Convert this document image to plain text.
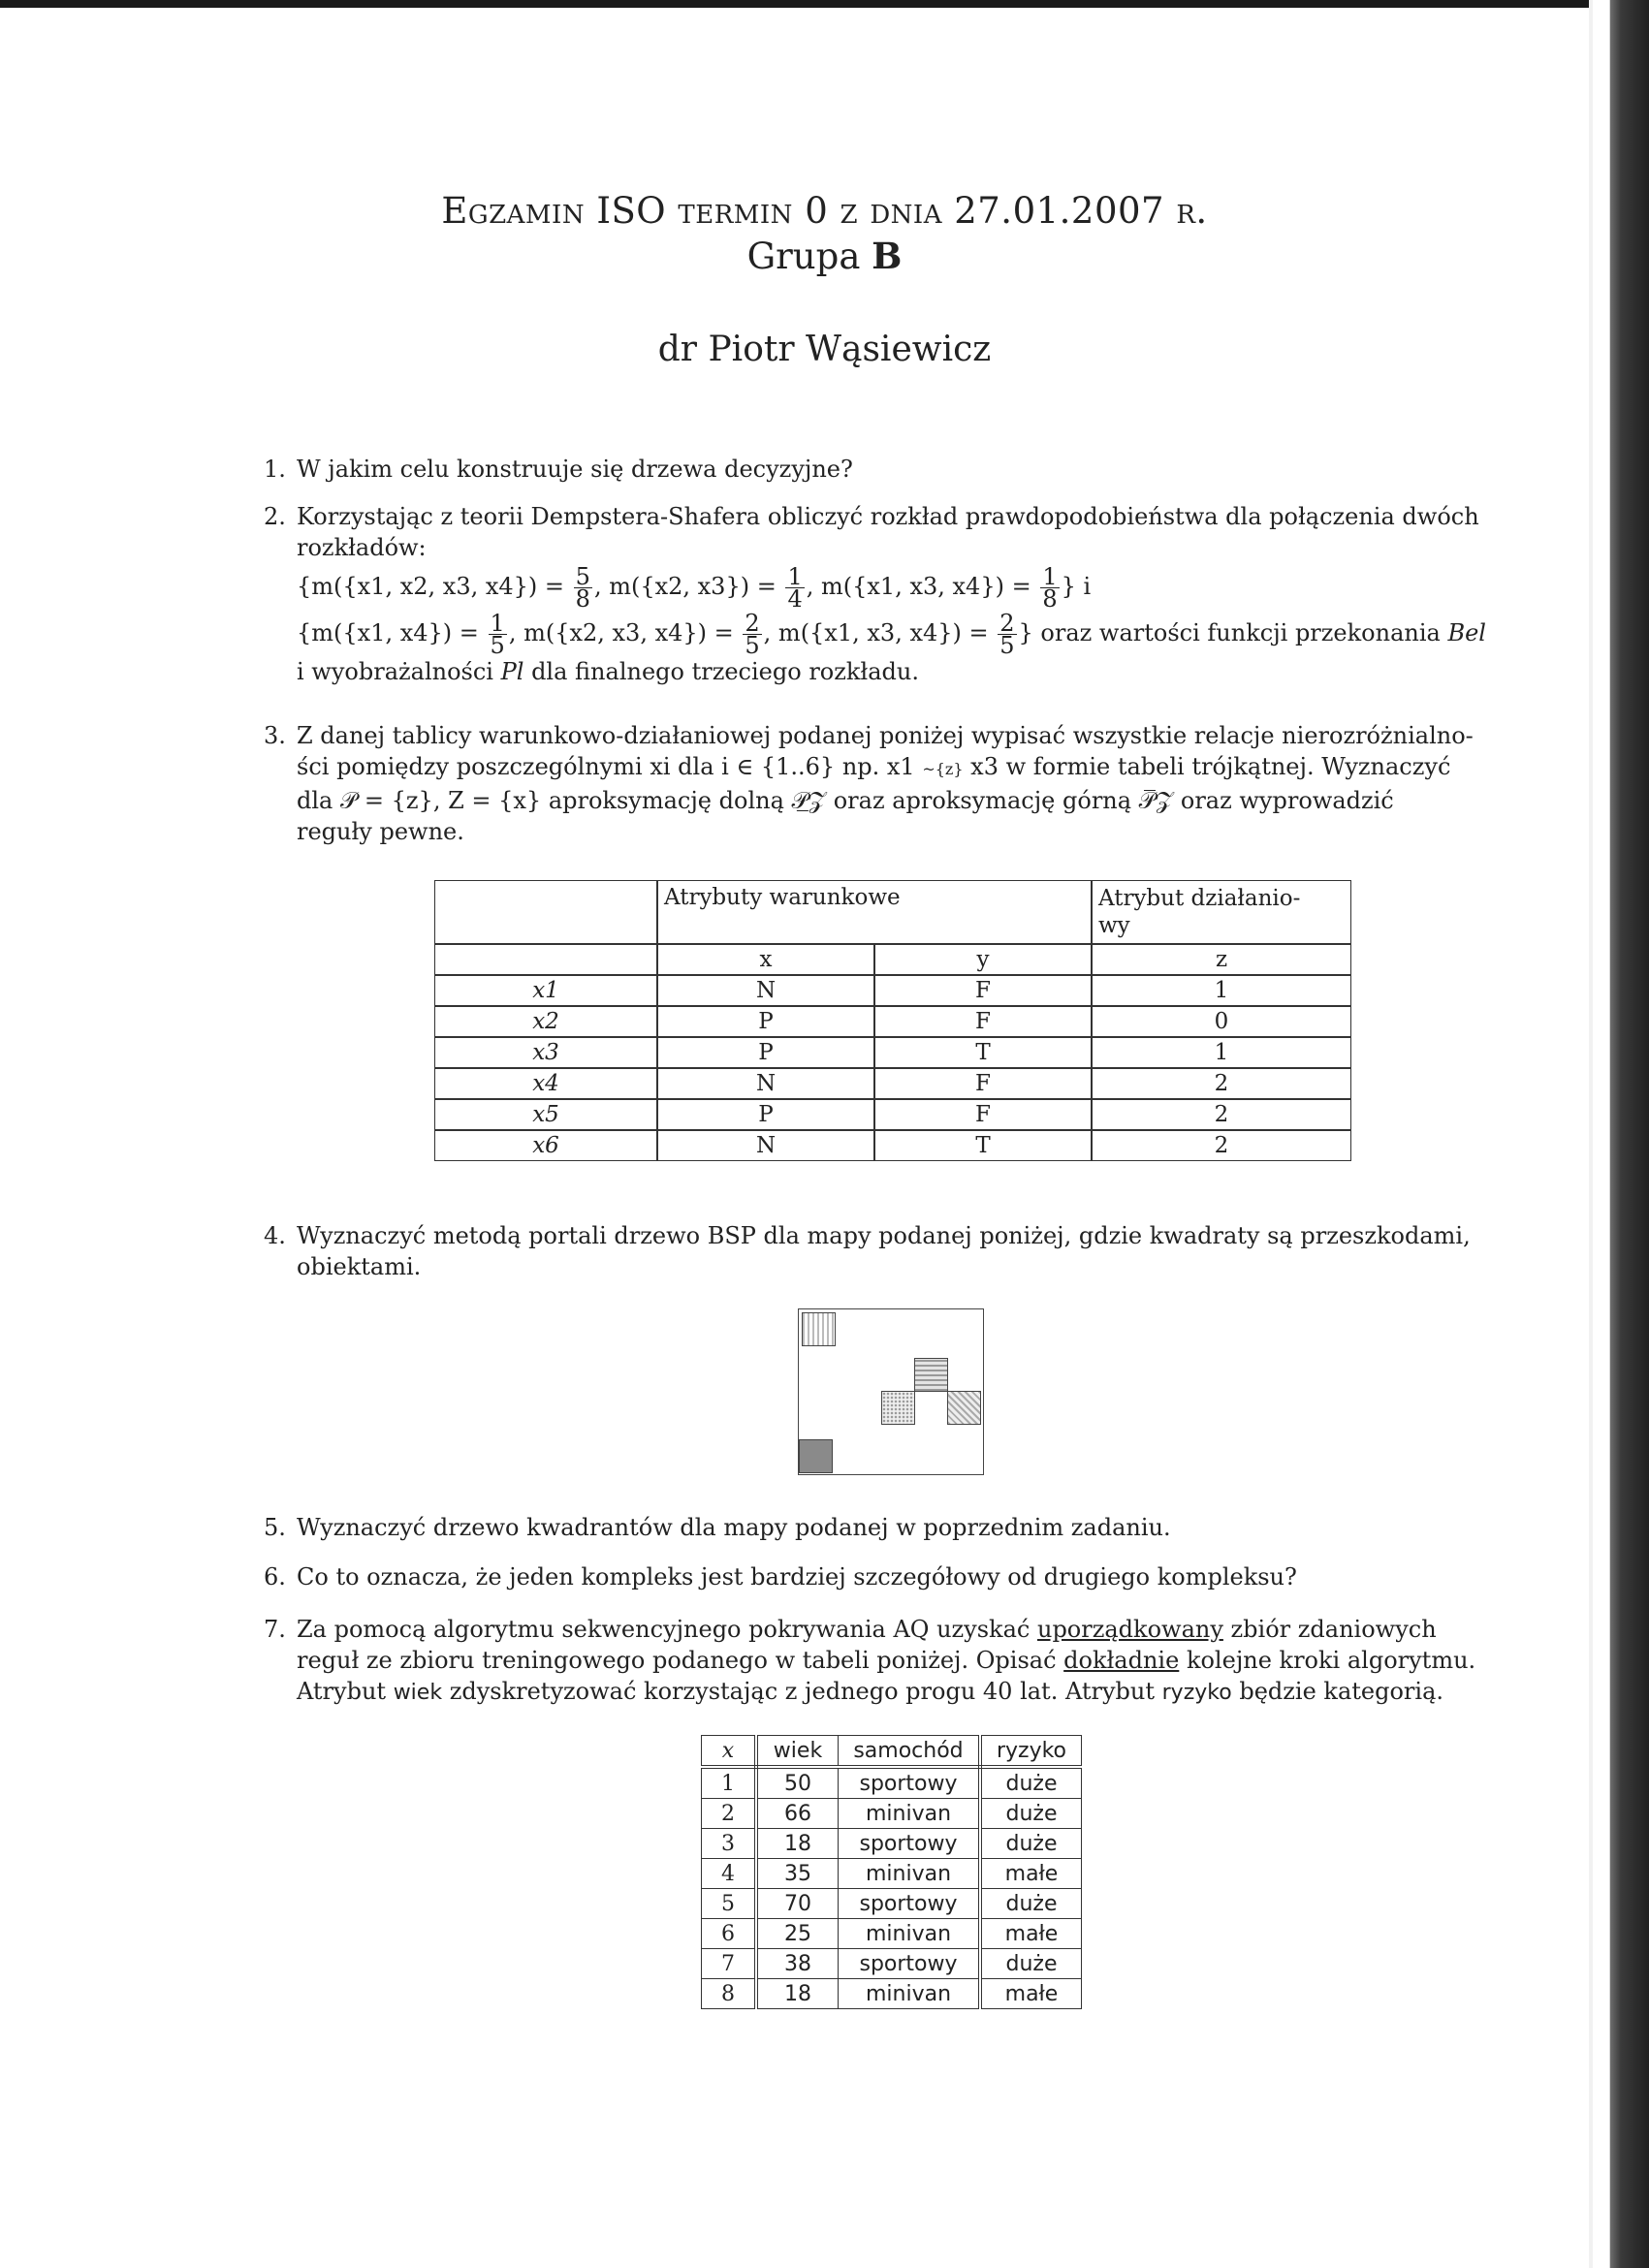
Egzamin ISO termin 0 z dnia 27.01.2007 r.
Grupa B
dr Piotr Wąsiewicz
1. W jakim celu konstruuje się drzewa decyzyjne?
2. Korzystając z teorii Dempstera-Shafera obliczyć rozkład prawdopodobieństwa dla połączenia dwóch
rozkładów:
{m({x1, x2, x3, $x4\}) = \frac{5}{8}$ , m({x2, $x3\}) = \frac{1}{4}$ , m({x1, x3, $x4\}) = \frac{1}{8}$ } i
{m({x1, $x4\}) = \frac{1}{5}$ , m({x2, x3, $x4\}) = \frac{2}{5}$ , m({x1, x3, $x4\}) = \frac{2}{5}$ } oraz wartości funkcji przekonania Bel
i wyobrażalności Pl dla finalnego trzeciego rozkładu.
3. Z danej tablicy warunkowo-działaniowej podanej poniżej wypisać wszystkie relacje nierozróżnialno-
ści pomiędzy poszczególnymi xi dla i ∈ {1..6} np. x1 ~{z} x3 w formie tabeli trójkątnej. Wyznaczyć
dla 𝒫 = {z}, Z = {x} aproksymację dolną 𝒫̲𝒵 oraz aproksymację górną 𝒫̅𝒵 oraz wyprowadzić
reguły pewne.
	Atrybuty warunkowe		Atrybut działanio-
wy
	x	y	z
x1	N	F	1
x2	P	F	0
x3	P	T	1
x4	N	F	2
x5	P	F	2
x6	N	T	2
4. Wyznaczyć metodą portali drzewo BSP dla mapy podanej poniżej, gdzie kwadraty są przeszkodami,
obiektami.
5. Wyznaczyć drzewo kwadrantów dla mapy podanej w poprzednim zadaniu.
6. Co to oznacza, że jeden kompleks jest bardziej szczegółowy od drugiego kompleksu?
7. Za pomocą algorytmu sekwencyjnego pokrywania AQ uzyskać uporządkowany zbiór zdaniowych
reguł ze zbioru treningowego podanego w tabeli poniżej. Opisać dokładnie kolejne kroki algorytmu.
Atrybut wiek zdyskretyzować korzystając z jednego progu 40 lat. Atrybut ryzyko będzie kategorią.
x	wiek	samochód	ryzyko
1	50	sportowy	duże
2	66	minivan	duże
3	18	sportowy	duże
4	35	minivan	małe
5	70	sportowy	duże
6	25	minivan	małe
7	38	sportowy	duże
8	18	minivan	małe
